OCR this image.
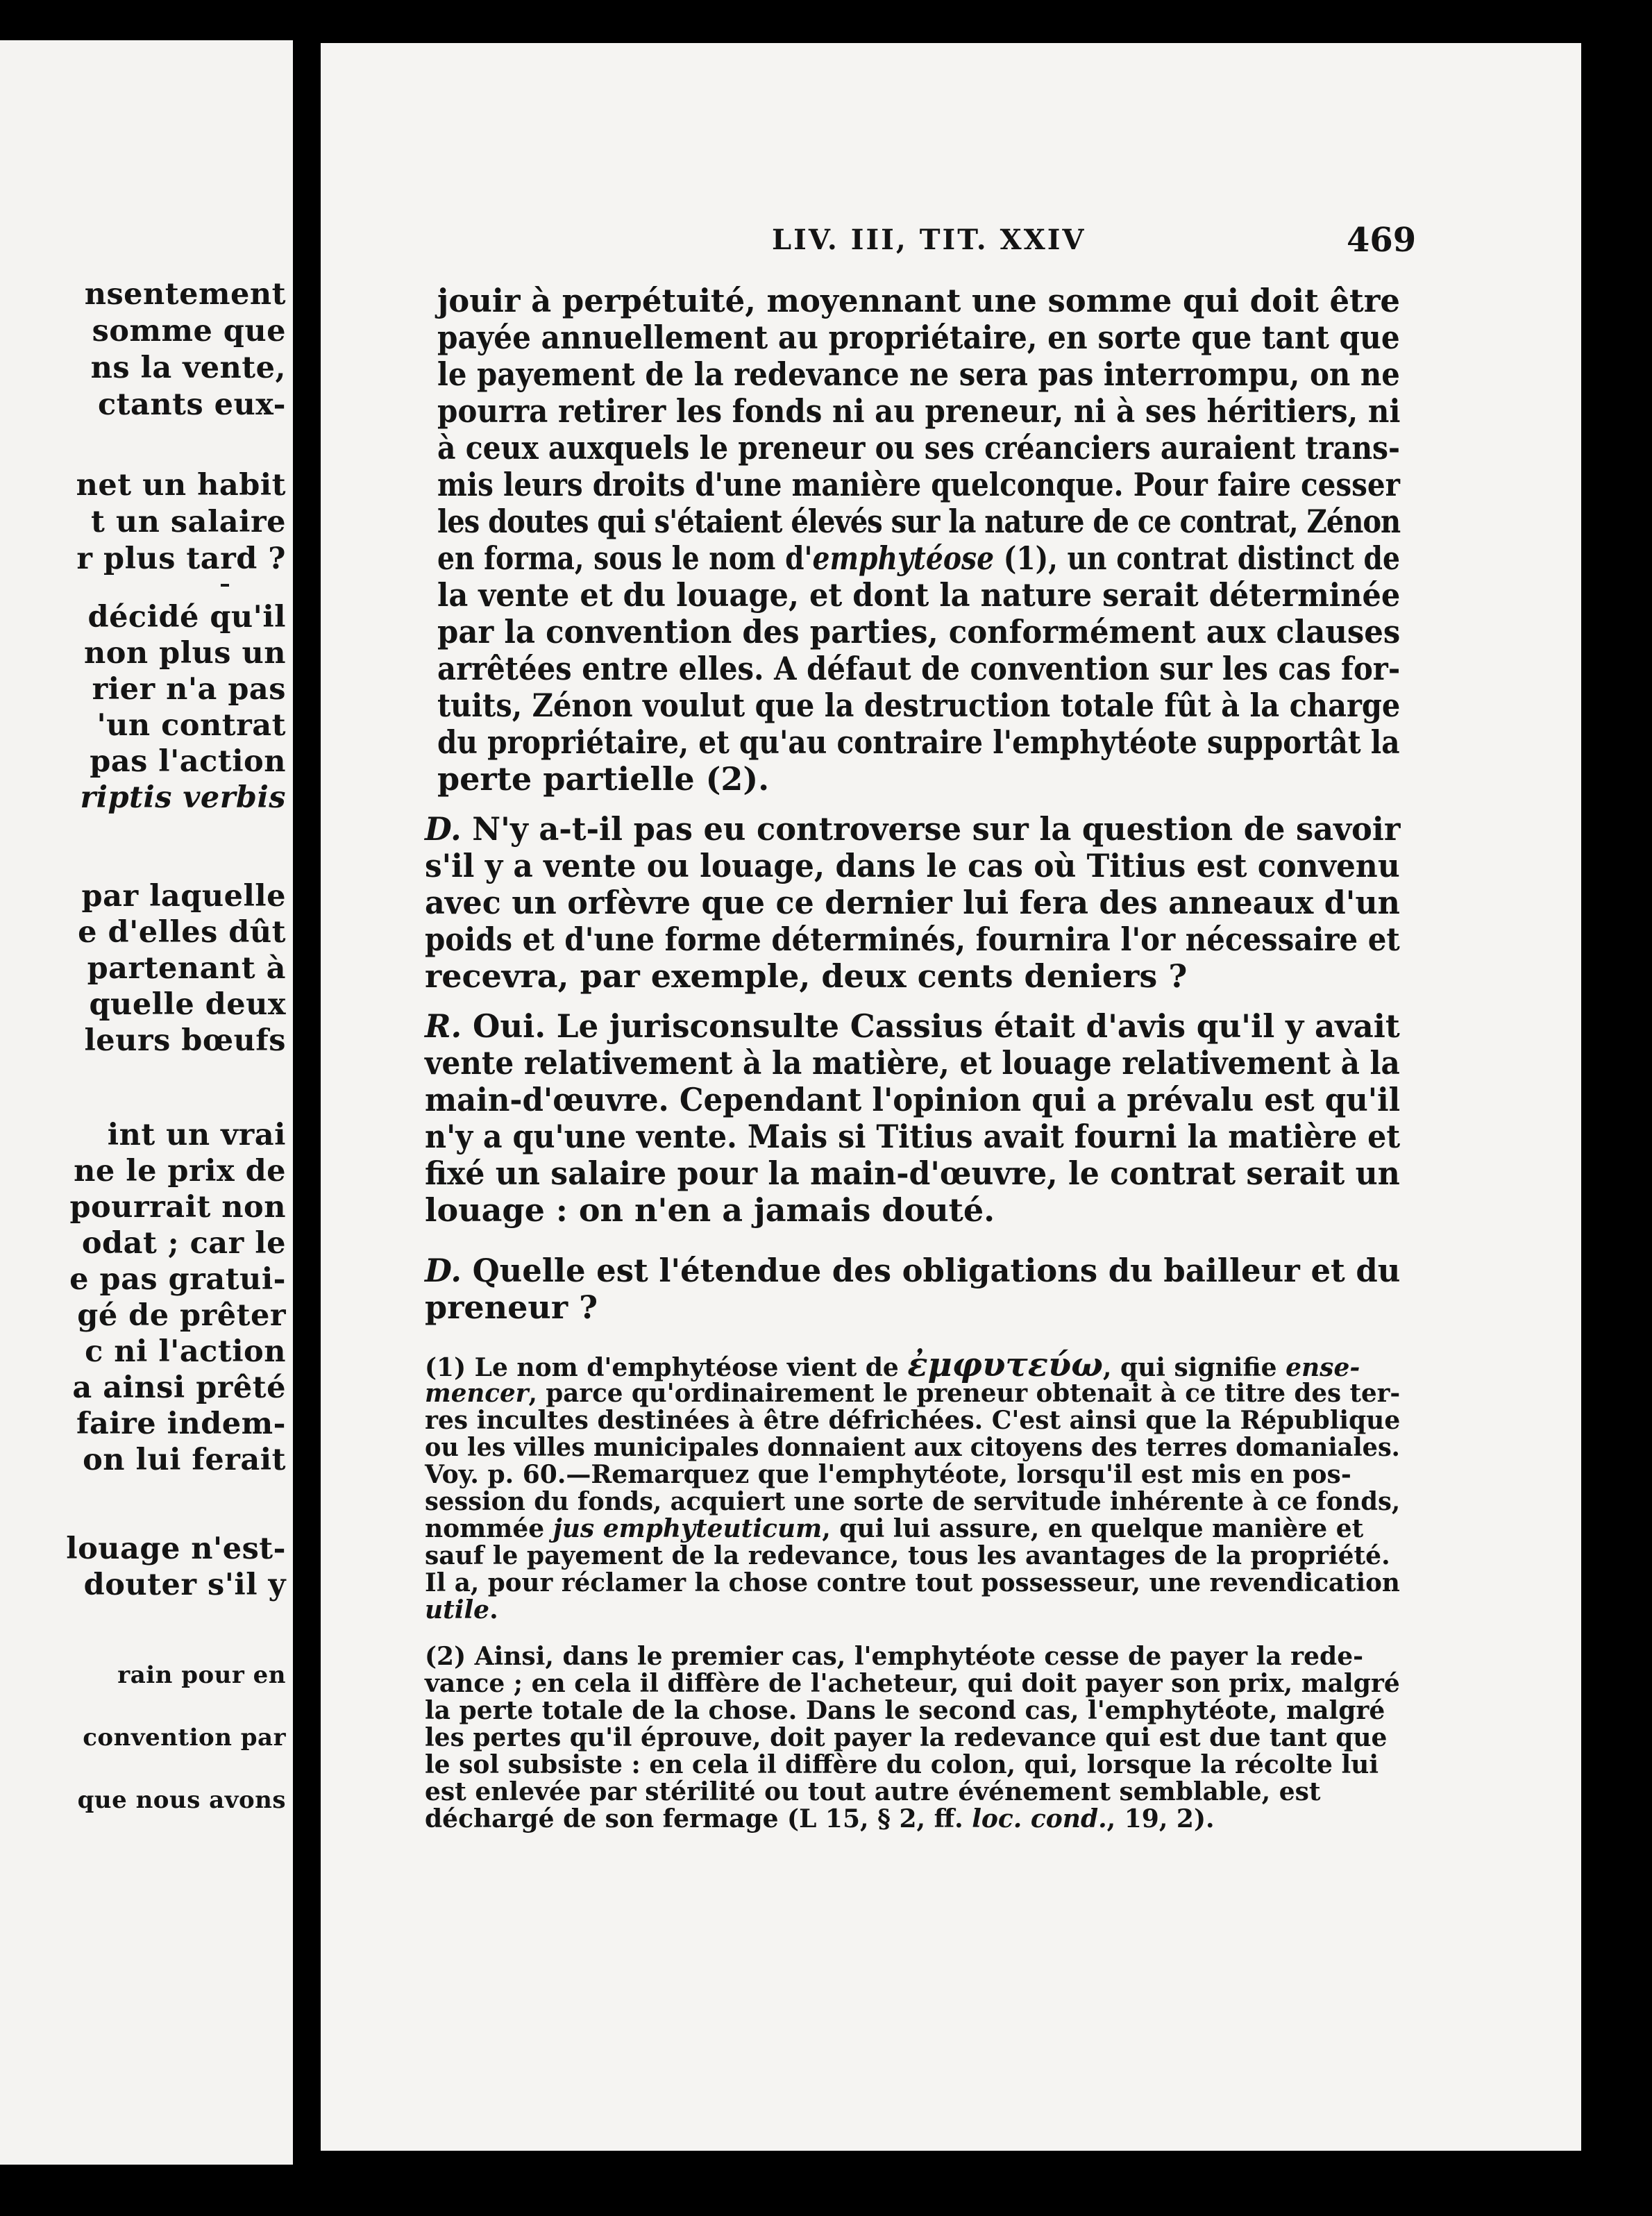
nsentement
somme que
ns la vente,
ctants eux-
net un habit
t un salaire
r plus tard ?
décidé qu'il
non plus un
rier n'a pas
'un contrat
pas l'action
riptis verbis
par laquelle
e d'elles dût
partenant à
quelle deux
leurs bœufs
int un vrai
ne le prix de
pourrait non
odat ; car le
e pas gratui-
gé de prêter
c ni l'action
a ainsi prêté
faire indem-
on lui ferait
louage n'est-
douter s'il y
rain pour en
convention par
que nous avons
LIV. III, TIT. XXIV	469
jouir à perpétuité, moyennant une somme qui doit être
payée annuellement au propriétaire, en sorte que tant que
le payement de la redevance ne sera pas interrompu, on ne
pourra retirer les fonds ni au preneur, ni à ses héritiers, ni
à ceux auxquels le preneur ou ses créanciers auraient trans-
mis leurs droits d'une manière quelconque. Pour faire cesser
les doutes qui s'étaient élevés sur la nature de ce contrat, Zénon
en forma, sous le nom d'emphytéose (1), un contrat distinct de
la vente et du louage, et dont la nature serait déterminée
par la convention des parties, conformément aux clauses
arrêtées entre elles. A défaut de convention sur les cas for-
tuits, Zénon voulut que la destruction totale fût à la charge
du propriétaire, et qu'au contraire l'emphytéote supportât la
perte partielle (2).
D. N'y a-t-il pas eu controverse sur la question de savoir
s'il y a vente ou louage, dans le cas où Titius est convenu
avec un orfèvre que ce dernier lui fera des anneaux d'un
poids et d'une forme déterminés, fournira l'or nécessaire et
recevra, par exemple, deux cents deniers ?
R. Oui. Le jurisconsulte Cassius était d'avis qu'il y avait
vente relativement à la matière, et louage relativement à la
main-d'œuvre. Cependant l'opinion qui a prévalu est qu'il
n'y a qu'une vente. Mais si Titius avait fourni la matière et
fixé un salaire pour la main-d'œuvre, le contrat serait un
louage : on n'en a jamais douté.
D. Quelle est l'étendue des obligations du bailleur et du
preneur ?
(1) Le nom d'emphytéose vient de ἐμφυτεύω, qui signifie ense-
mencer, parce qu'ordinairement le preneur obtenait à ce titre des ter-
res incultes destinées à être défrichées. C'est ainsi que la République
ou les villes municipales donnaient aux citoyens des terres domaniales.
Voy. p. 60.—Remarquez que l'emphytéote, lorsqu'il est mis en pos-
session du fonds, acquiert une sorte de servitude inhérente à ce fonds,
nommée jus emphyteuticum, qui lui assure, en quelque manière et
sauf le payement de la redevance, tous les avantages de la propriété.
Il a, pour réclamer la chose contre tout possesseur, une revendication
utile.
(2) Ainsi, dans le premier cas, l'emphytéote cesse de payer la rede-
vance ; en cela il diffère de l'acheteur, qui doit payer son prix, malgré
la perte totale de la chose. Dans le second cas, l'emphytéote, malgré
les pertes qu'il éprouve, doit payer la redevance qui est due tant que
le sol subsiste : en cela il diffère du colon, qui, lorsque la récolte lui
est enlevée par stérilité ou tout autre événement semblable, est
déchargé de son fermage (L 15, § 2, ff. loc. cond., 19, 2).
